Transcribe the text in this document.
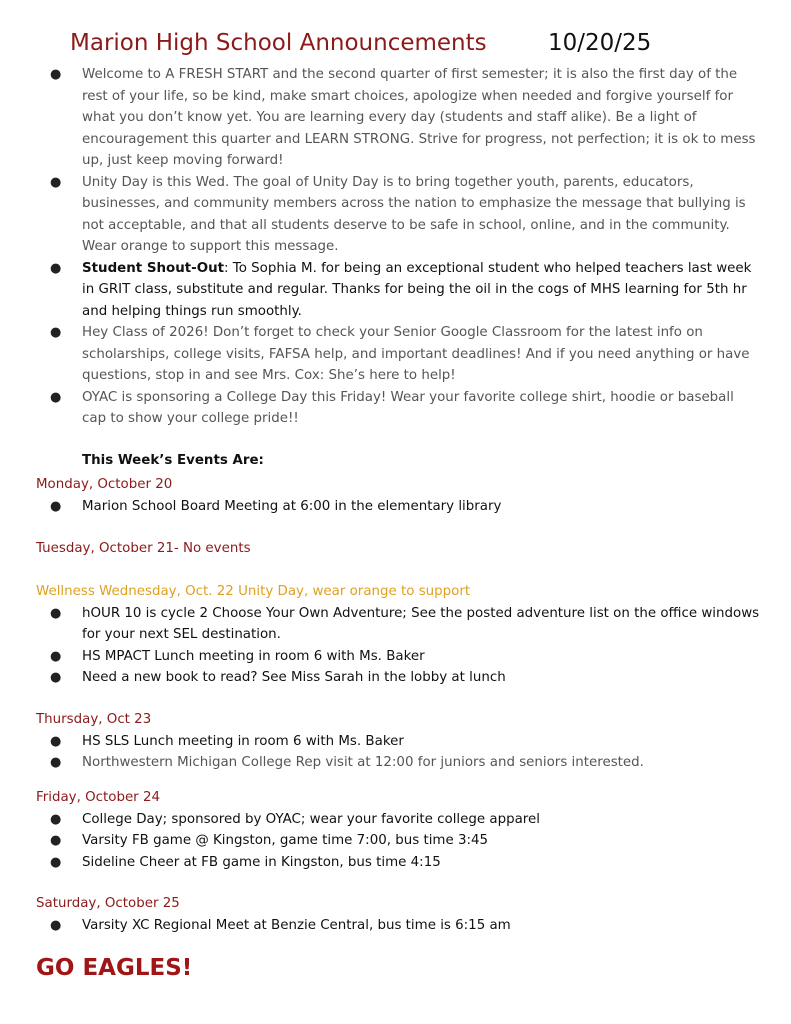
Marion High School Announcements	10/20/25
● Welcome to A FRESH START and the second quarter of first semester; it is also the first day of the rest of your life, so be kind, make smart choices, apologize when needed and forgive yourself for what you don’t know yet. You are learning every day (students and staff alike). Be a light of encouragement this quarter and LEARN STRONG. Strive for progress, not perfection; it is ok to mess up, just keep moving forward!
● Unity Day is this Wed. The goal of Unity Day is to bring together youth, parents, educators, businesses, and community members across the nation to emphasize the message that bullying is not acceptable, and that all students deserve to be safe in school, online, and in the community. Wear orange to support this message.
● Student Shout-Out: To Sophia M. for being an exceptional student who helped teachers last week in GRIT class, substitute and regular. Thanks for being the oil in the cogs of MHS learning for 5th hr and helping things run smoothly.
● Hey Class of 2026! Don’t forget to check your Senior Google Classroom for the latest info on scholarships, college visits, FAFSA help, and important deadlines! And if you need anything or have questions, stop in and see Mrs. Cox: She’s here to help!
● OYAC is sponsoring a College Day this Friday! Wear your favorite college shirt, hoodie or baseball cap to show your college pride!!
This Week’s Events Are:
Monday, October 20
● Marion School Board Meeting at 6:00 in the elementary library
Tuesday, October 21- No events
Wellness Wednesday, Oct. 22 Unity Day, wear orange to support
● hOUR 10 is cycle 2 Choose Your Own Adventure; See the posted adventure list on the office windows for your next SEL destination.
● HS MPACT Lunch meeting in room 6 with Ms. Baker
● Need a new book to read? See Miss Sarah in the lobby at lunch
Thursday, Oct 23
● HS SLS Lunch meeting in room 6 with Ms. Baker
● Northwestern Michigan College Rep visit at 12:00 for juniors and seniors interested.
Friday, October 24
● College Day; sponsored by OYAC; wear your favorite college apparel
● Varsity FB game @ Kingston, game time 7:00, bus time 3:45
● Sideline Cheer at FB game in Kingston, bus time 4:15
Saturday, October 25
● Varsity XC Regional Meet at Benzie Central, bus time is 6:15 am
GO EAGLES!
